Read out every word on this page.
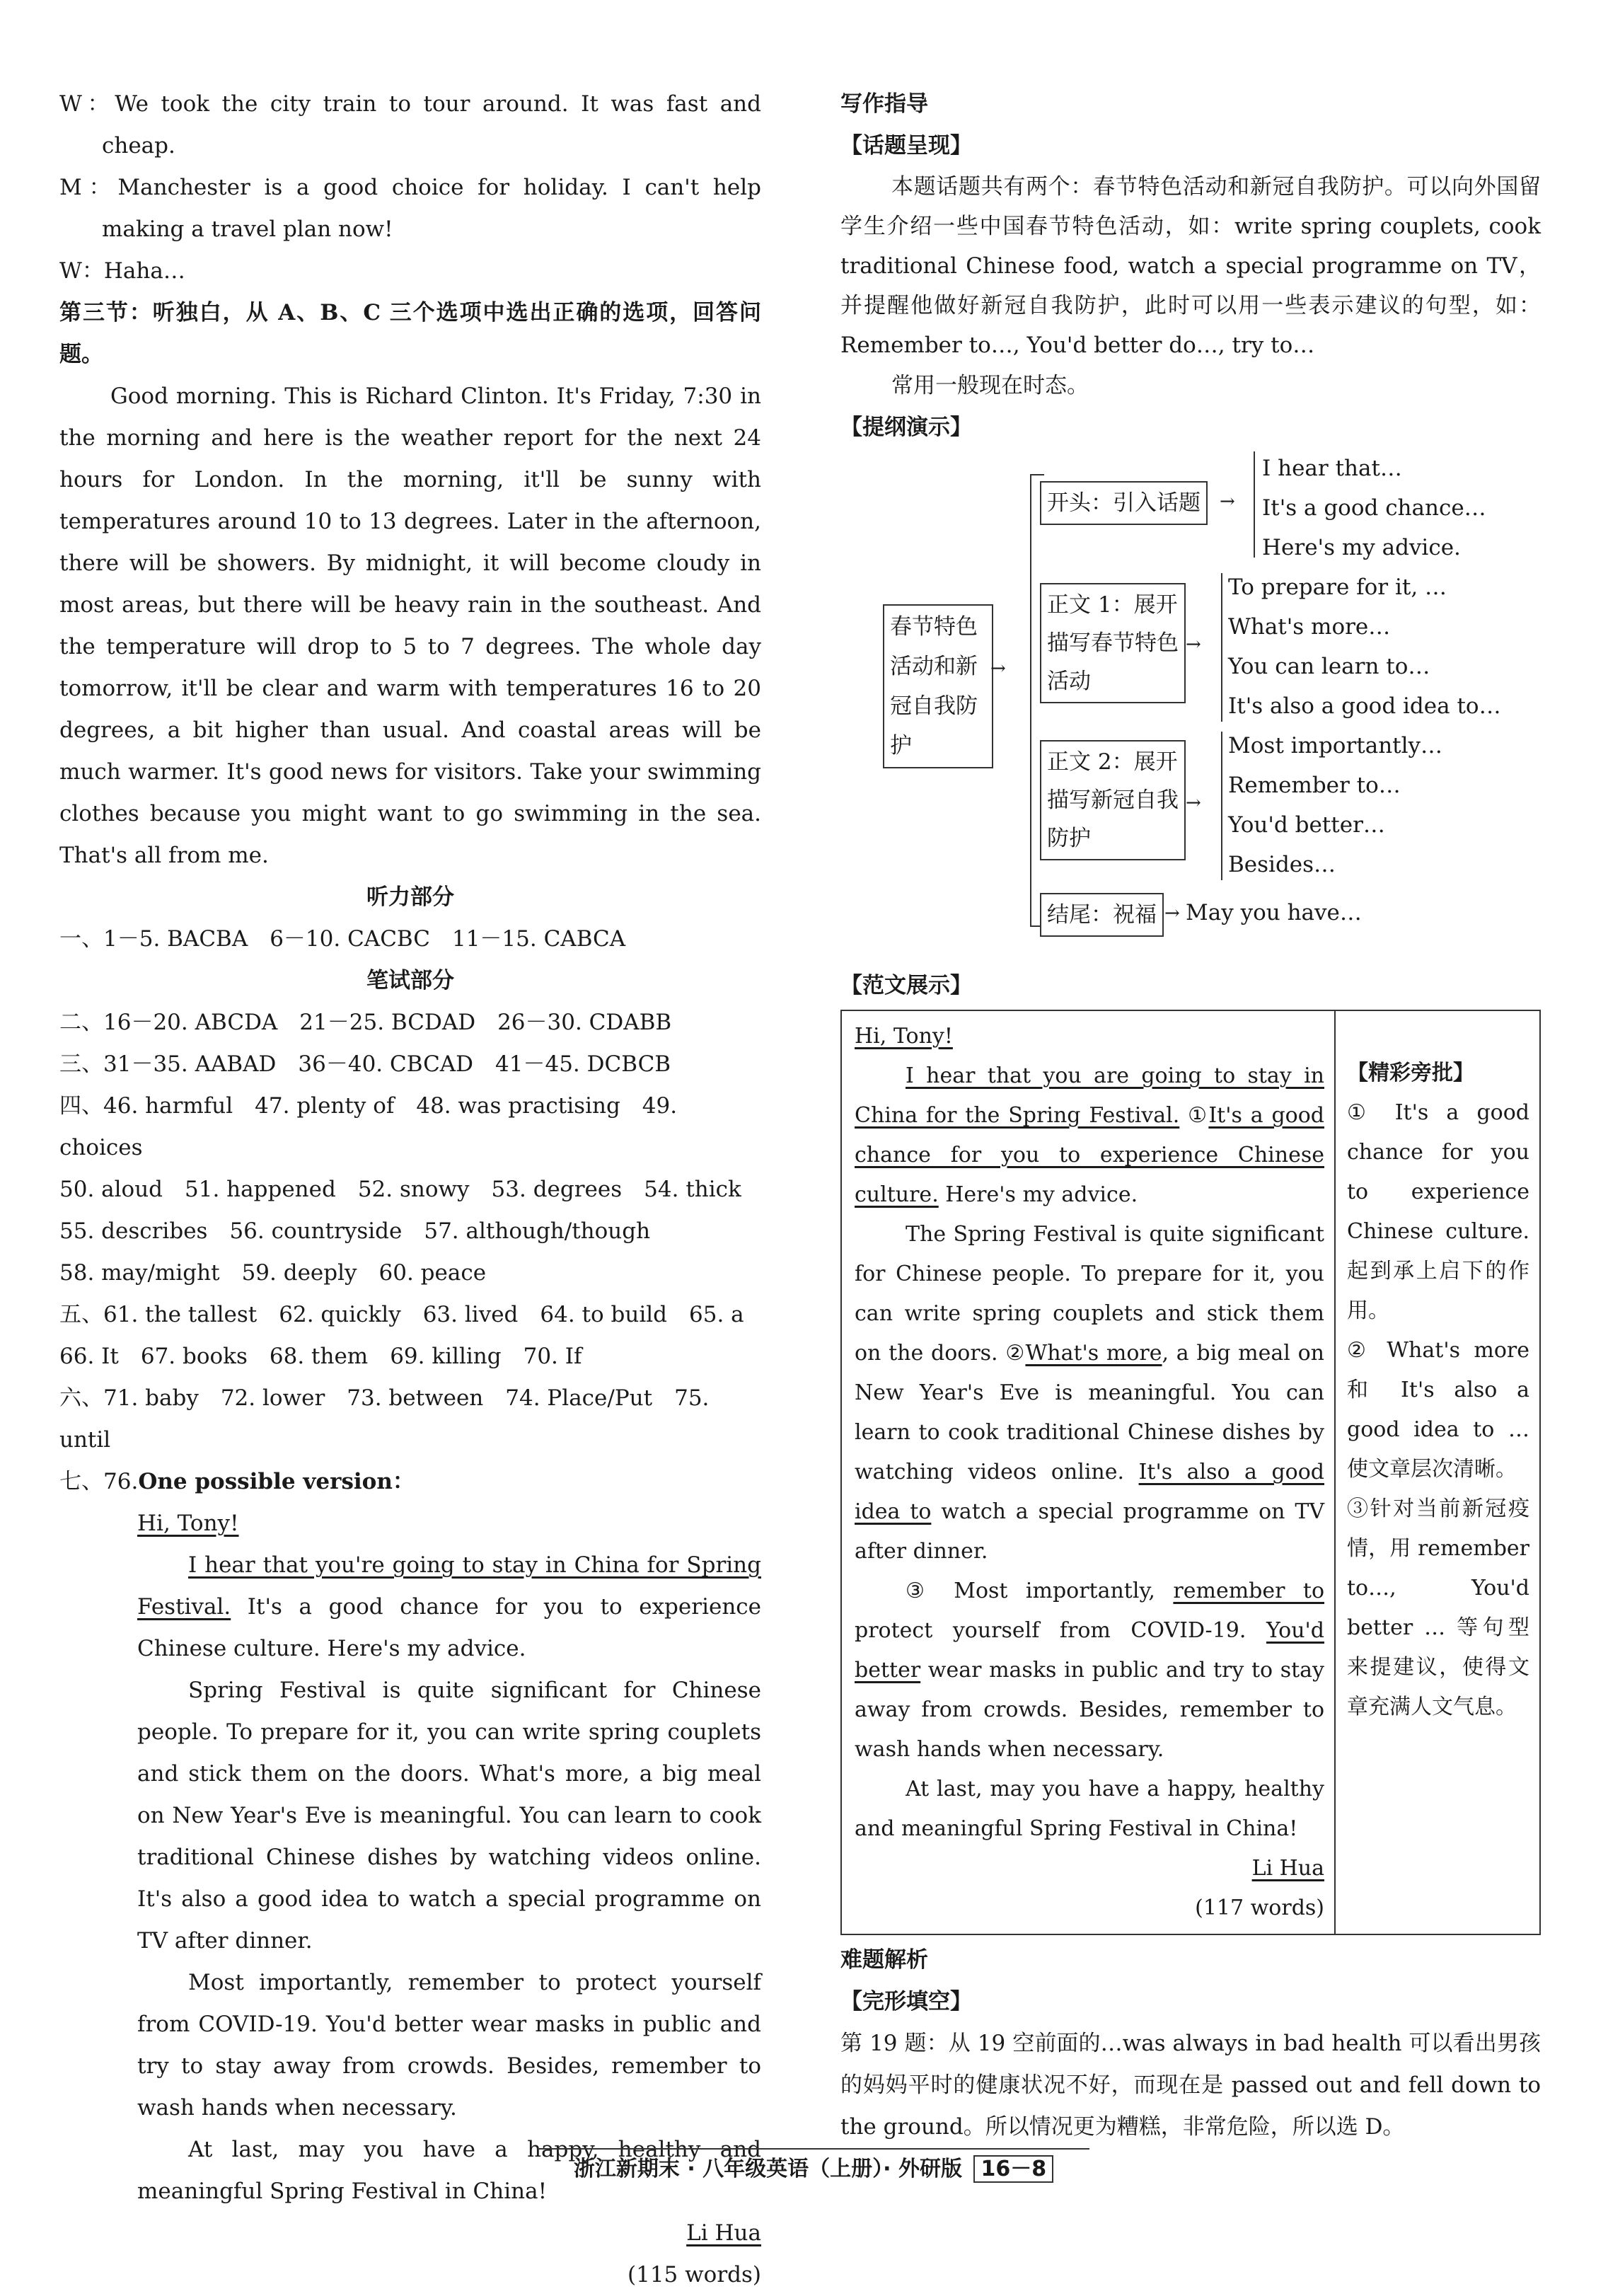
W：We took the city train to tour around. It was fast and cheap.

M：Manchester is a good choice for holiday. I can't help making a travel plan now!

W：Haha…

第三节：听独白，从 A、B、C 三个选项中选出正确的选项，回答问题。

Good morning. This is Richard Clinton. It's Friday, 7:30 in the morning and here is the weather report for the next 24 hours for London. In the morning, it'll be sunny with temperatures around 10 to 13 degrees. Later in the afternoon, there will be showers. By midnight, it will become cloudy in most areas, but there will be heavy rain in the southeast. And the temperature will drop to 5 to 7 degrees. The whole day tomorrow, it'll be clear and warm with temperatures 16 to 20 degrees, a bit higher than usual. And coastal areas will be much warmer. It's good news for visitors. Take your swimming clothes because you might want to go swimming in the sea. That's all from me.

听力部分

一、1－5. BACBA　6－10. CACBC　11－15. CABCA

笔试部分

二、16－20. ABCDA　21－25. BCDAD　26－30. CDABB

三、31－35. AABAD　36－40. CBCAD　41－45. DCBCB

四、46. harmful　47. plenty of　48. was practising　49. choices

50. aloud　51. happened　52. snowy　53. degrees　54. thick

55. describes　56. countryside　57. although/though

58. may/might　59. deeply　60. peace

五、61. the tallest　62. quickly　63. lived　64. to build　65. a

66. It　67. books　68. them　69. killing　70. If

六、71. baby　72. lower　73. between　74. Place/Put　75. until

七、76.One possible version：

Hi, Tony!

I hear that you're going to stay in China for Spring Festival. It's a good chance for you to experience Chinese culture. Here's my advice.

Spring Festival is quite significant for Chinese people. To prepare for it, you can write spring couplets and stick them on the doors. What's more, a big meal on New Year's Eve is meaningful. You can learn to cook traditional Chinese dishes by watching videos online. It's also a good idea to watch a special programme on TV after dinner.

Most importantly, remember to protect yourself from COVID-19. You'd better wear masks in public and try to stay away from crowds. Besides, remember to wash hands when necessary.

At last, may you have a happy, healthy and meaningful Spring Festival in China!

Li Hua

(115 words)

写作指导

【话题呈现】

本题话题共有两个：春节特色活动和新冠自我防护。可以向外国留学生介绍一些中国春节特色活动，如：write spring couplets, cook traditional Chinese food, watch a special programme on TV，并提醒他做好新冠自我防护，此时可以用一些表示建议的句型，如：Remember to…, You'd better do…, try to…

常用一般现在时态。

【提纲演示】

春节特色活动和新冠自我防护
→
开头：引入话题	→
I hear that…
It's a good chance…
Here's my advice.
正文 1：展开描写春节特色活动
→
To prepare for it, …
What's more…
You can learn to…
It's also a good idea to…
正文 2：展开描写新冠自我防护
→
Most importantly…
Remember to…
You'd better…
Besides…
结尾：祝福 → May you have…

【范文展示】

Hi, Tony!

I hear that you are going to stay in China for the Spring Festival. ①It's a good chance for you to experience Chinese culture. Here's my advice.

The Spring Festival is quite significant for Chinese people. To prepare for it, you can write spring couplets and stick them on the doors. ②What's more, a big meal on New Year's Eve is meaningful. You can learn to cook traditional Chinese dishes by watching videos online. It's also a good idea to watch a special programme on TV after dinner.

③ Most importantly, remember to protect yourself from COVID-19. You'd better wear masks in public and try to stay away from crowds. Besides, remember to wash hands when necessary.

At last, may you have a happy, healthy and meaningful Spring Festival in China!

Li Hua

(117 words)

【精彩旁批】

① It's a good chance for you to experience Chinese culture. 起到承上启下的作用。

② What's more 和 It's also a good idea to … 使文章层次清晰。

③针对当前新冠疫情，用 remember to…, You'd better … 等句型来提建议，使得文章充满人文气息。

难题解析

【完形填空】

第 19 题：从 19 空前面的…was always in bad health 可以看出男孩的妈妈平时的健康状况不好，而现在是 passed out and fell down to the ground。所以情况更为糟糕，非常危险，所以选 D。

浙江新期末 · 八年级英语（上册）· 外研版 16－8
